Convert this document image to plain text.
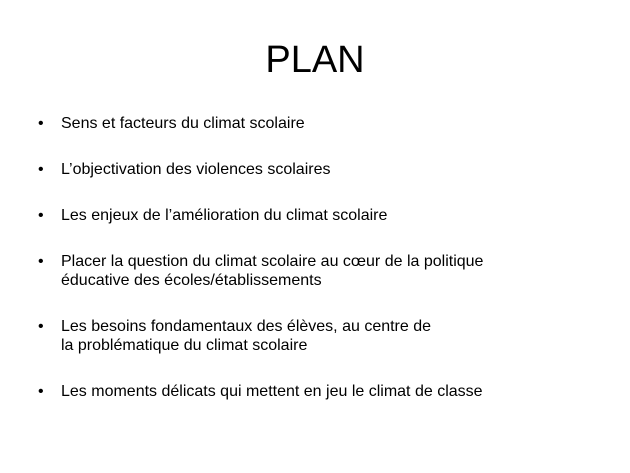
PLAN
•	Sens et facteurs du climat scolaire
•	L’objectivation des violences scolaires
•	Les enjeux de l’amélioration du climat scolaire
•	Placer la question du climat scolaire au cœur de la politique
éducative des écoles/établissements
•	Les besoins fondamentaux des élèves, au centre de
la problématique du climat scolaire
•	Les moments délicats qui mettent en jeu le climat de classe
